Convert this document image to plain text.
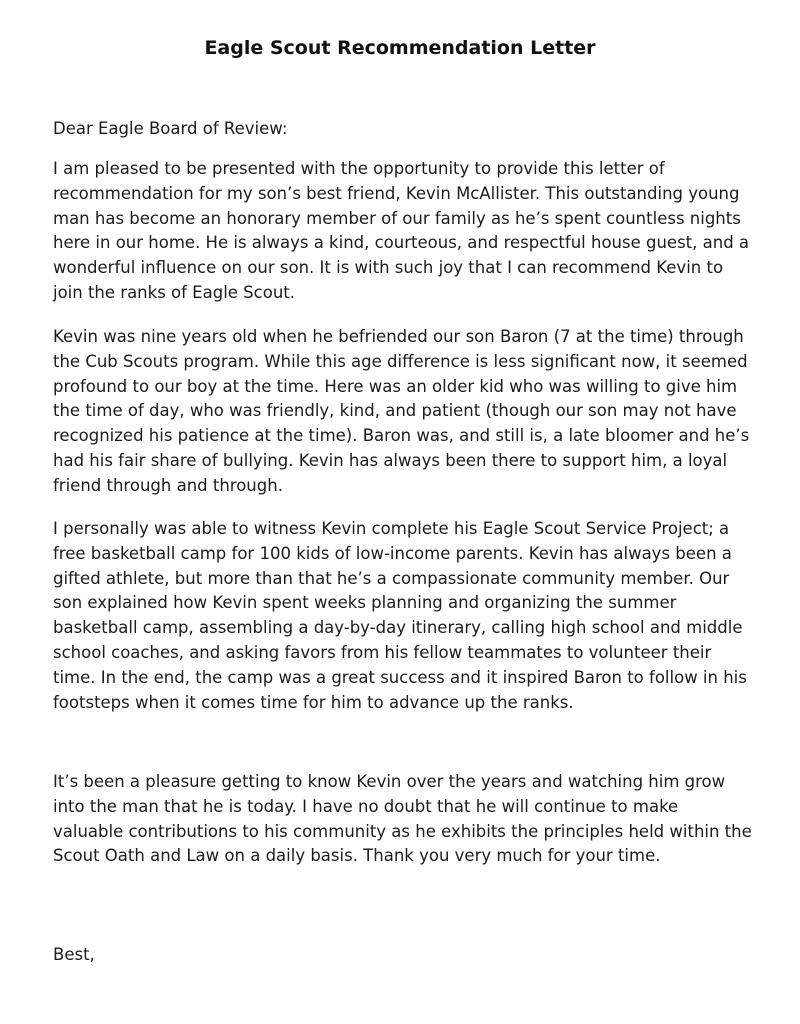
Eagle Scout Recommendation Letter

Dear Eagle Board of Review:

I am pleased to be presented with the opportunity to provide this letter of recommendation for my son’s best friend, Kevin McAllister. This outstanding young man has become an honorary member of our family as he’s spent countless nights here in our home. He is always a kind, courteous, and respectful house guest, and a wonderful influence on our son. It is with such joy that I can recommend Kevin to join the ranks of Eagle Scout.

Kevin was nine years old when he befriended our son Baron (7 at the time) through the Cub Scouts program. While this age difference is less significant now, it seemed profound to our boy at the time. Here was an older kid who was willing to give him the time of day, who was friendly, kind, and patient (though our son may not have recognized his patience at the time). Baron was, and still is, a late bloomer and he’s had his fair share of bullying. Kevin has always been there to support him, a loyal friend through and through.

I personally was able to witness Kevin complete his Eagle Scout Service Project; a free basketball camp for 100 kids of low-income parents. Kevin has always been a gifted athlete, but more than that he’s a compassionate community member. Our son explained how Kevin spent weeks planning and organizing the summer basketball camp, assembling a day-by-day itinerary, calling high school and middle school coaches, and asking favors from his fellow teammates to volunteer their time. In the end, the camp was a great success and it inspired Baron to follow in his footsteps when it comes time for him to advance up the ranks.

It’s been a pleasure getting to know Kevin over the years and watching him grow into the man that he is today. I have no doubt that he will continue to make valuable contributions to his community as he exhibits the principles held within the Scout Oath and Law on a daily basis. Thank you very much for your time.

Best,
